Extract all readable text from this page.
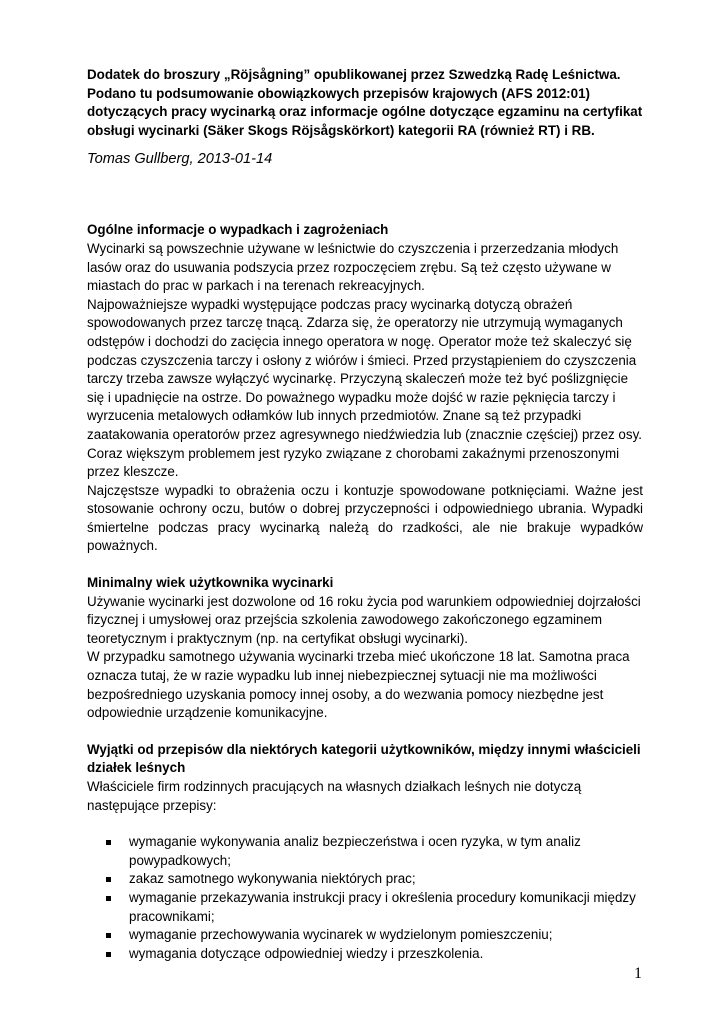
Dodatek do broszury „Röjsågning” opublikowanej przez Szwedzką Radę Leśnictwa. Podano tu podsumowanie obowiązkowych przepisów krajowych (AFS 2012:01) dotyczących pracy wycinarką oraz informacje ogólne dotyczące egzaminu na certyfikat obsługi wycinarki (Säker Skogs Röjsågskörkort) kategorii RA (również RT) i RB.

Tomas Gullberg, 2013-01-14

Ogólne informacje o wypadkach i zagrożeniach

Wycinarki są powszechnie używane w leśnictwie do czyszczenia i przerzedzania młodych lasów oraz do usuwania podszycia przez rozpoczęciem zrębu. Są też często używane w miastach do prac w parkach i na terenach rekreacyjnych.

Najpoważniejsze wypadki występujące podczas pracy wycinarką dotyczą obrażeń spowodowanych przez tarczę tnącą. Zdarza się, że operatorzy nie utrzymują wymaganych odstępów i dochodzi do zacięcia innego operatora w nogę. Operator może też skaleczyć się podczas czyszczenia tarczy i osłony z wiórów i śmieci. Przed przystąpieniem do czyszczenia tarczy trzeba zawsze wyłączyć wycinarkę. Przyczyną skaleczeń może też być poślizgnięcie się i upadnięcie na ostrze. Do poważnego wypadku może dojść w razie pęknięcia tarczy i wyrzucenia metalowych odłamków lub innych przedmiotów. Znane są też przypadki zaatakowania operatorów przez agresywnego niedźwiedzia lub (znacznie częściej) przez osy. Coraz większym problemem jest ryzyko związane z chorobami zakaźnymi przenoszonymi przez kleszcze.

Najczęstsze wypadki to obrażenia oczu i kontuzje spowodowane potknięciami. Ważne jest stosowanie ochrony oczu, butów o dobrej przyczepności i odpowiedniego ubrania. Wypadki śmiertelne podczas pracy wycinarką należą do rzadkości, ale nie brakuje wypadków poważnych.

Minimalny wiek użytkownika wycinarki

Używanie wycinarki jest dozwolone od 16 roku życia pod warunkiem odpowiedniej dojrzałości fizycznej i umysłowej oraz przejścia szkolenia zawodowego zakończonego egzaminem teoretycznym i praktycznym (np. na certyfikat obsługi wycinarki).

W przypadku samotnego używania wycinarki trzeba mieć ukończone 18 lat. Samotna praca oznacza tutaj, że w razie wypadku lub innej niebezpiecznej sytuacji nie ma możliwości bezpośredniego uzyskania pomocy innej osoby, a do wezwania pomocy niezbędne jest odpowiednie urządzenie komunikacyjne.

Wyjątki od przepisów dla niektórych kategorii użytkowników, między innymi właścicieli działek leśnych

Właściciele firm rodzinnych pracujących na własnych działkach leśnych nie dotyczą następujące przepisy:

wymaganie wykonywania analiz bezpieczeństwa i ocen ryzyka, w tym analiz powypadkowych;
zakaz samotnego wykonywania niektórych prac;
wymaganie przekazywania instrukcji pracy i określenia procedury komunikacji między pracownikami;
wymaganie przechowywania wycinarek w wydzielonym pomieszczeniu;
wymagania dotyczące odpowiedniej wiedzy i przeszkolenia.
1
